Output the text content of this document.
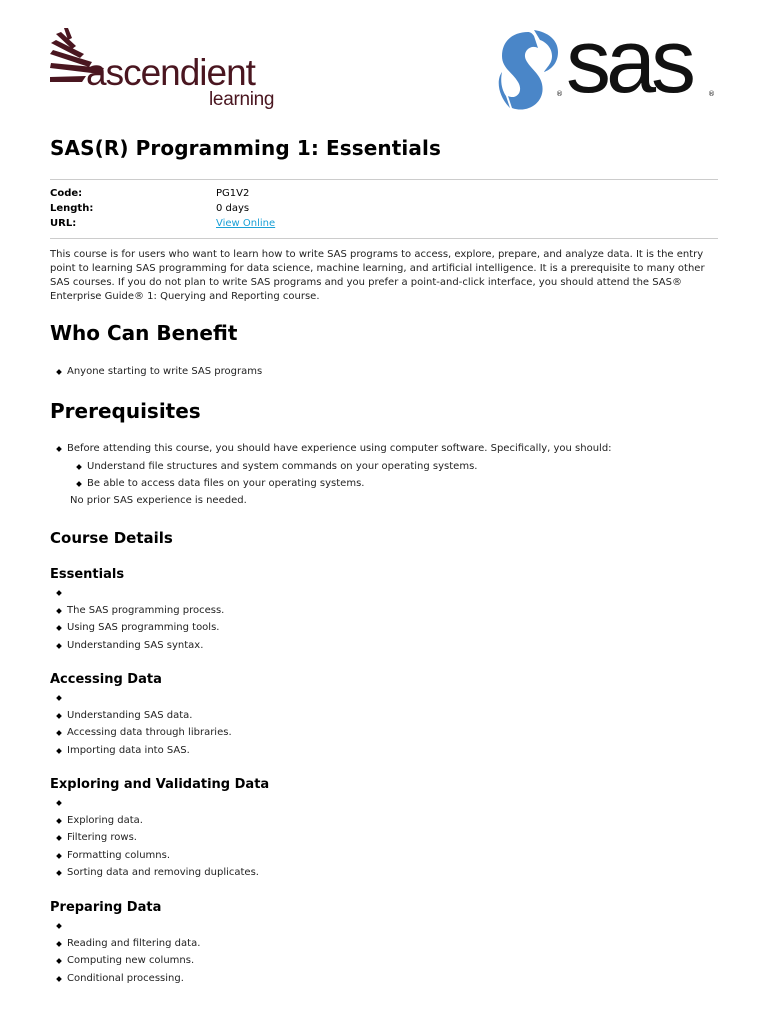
ascendient
learning	sas
®	®
SAS(R) Programming 1: Essentials
Code:	PG1V2
Length:	0 days
URL:	View Online

This course is for users who want to learn how to write SAS programs to access, explore, prepare, and analyze data. It is the entry point to learning SAS programming for data science, machine learning, and artificial intelligence. It is a prerequisite to many other SAS courses. If you do not plan to write SAS programs and you prefer a point-and-click interface, you should attend the SAS® Enterprise Guide® 1: Querying and Reporting course.

Who Can Benefit
Anyone starting to write SAS programs
Prerequisites
Before attending this course, you should have experience using computer software. Specifically, you should:
Understand file structures and system commands on your operating systems.
Be able to access data files on your operating systems.
No prior SAS experience is needed.
Course Details
Essentials
The SAS programming process.
Using SAS programming tools.
Understanding SAS syntax.
Accessing Data
Understanding SAS data.
Accessing data through libraries.
Importing data into SAS.
Exploring and Validating Data
Exploring data.
Filtering rows.
Formatting columns.
Sorting data and removing duplicates.
Preparing Data
Reading and filtering data.
Computing new columns.
Conditional processing.
